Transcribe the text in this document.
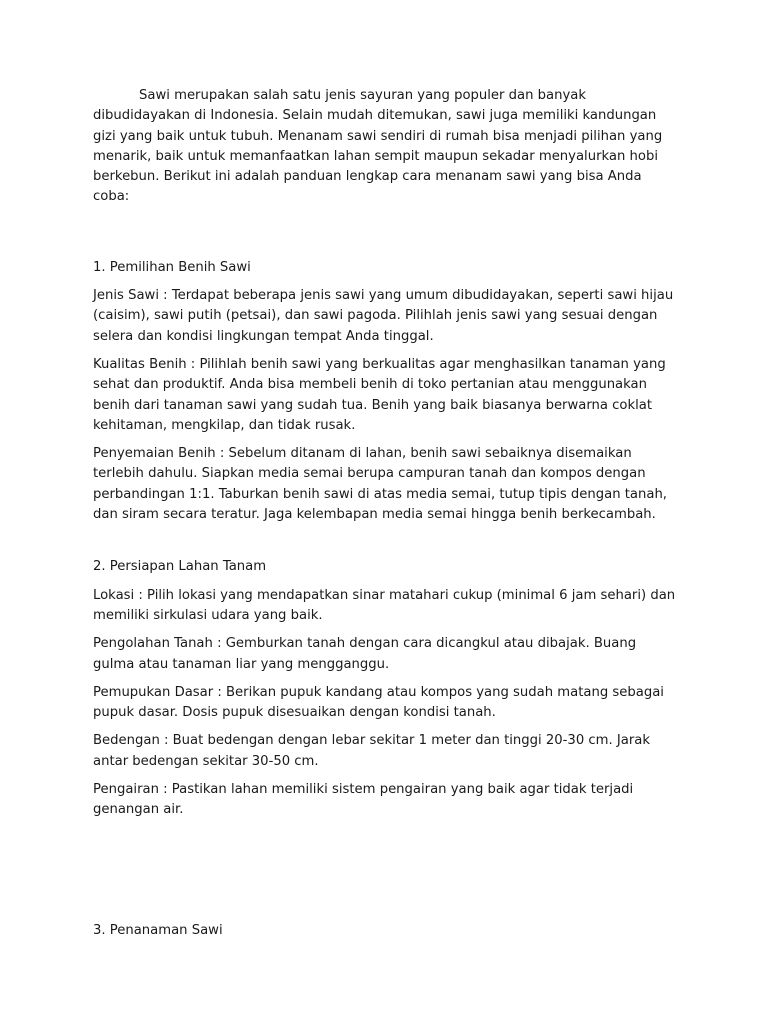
Sawi merupakan salah satu jenis sayuran yang populer dan banyak dibudidayakan di Indonesia. Selain mudah ditemukan, sawi juga memiliki kandungan gizi yang baik untuk tubuh. Menanam sawi sendiri di rumah bisa menjadi pilihan yang menarik, baik untuk memanfaatkan lahan sempit maupun sekadar menyalurkan hobi berkebun. Berikut ini adalah panduan lengkap cara menanam sawi yang bisa Anda coba:

1. Pemilihan Benih Sawi

Jenis Sawi : Terdapat beberapa jenis sawi yang umum dibudidayakan, seperti sawi hijau (caisim), sawi putih (petsai), dan sawi pagoda. Pilihlah jenis sawi yang sesuai dengan selera dan kondisi lingkungan tempat Anda tinggal.

Kualitas Benih : Pilihlah benih sawi yang berkualitas agar menghasilkan tanaman yang sehat dan produktif. Anda bisa membeli benih di toko pertanian atau menggunakan benih dari tanaman sawi yang sudah tua. Benih yang baik biasanya berwarna coklat kehitaman, mengkilap, dan tidak rusak.

Penyemaian Benih : Sebelum ditanam di lahan, benih sawi sebaiknya disemaikan terlebih dahulu. Siapkan media semai berupa campuran tanah dan kompos dengan perbandingan 1:1. Taburkan benih sawi di atas media semai, tutup tipis dengan tanah, dan siram secara teratur. Jaga kelembapan media semai hingga benih berkecambah.

2. Persiapan Lahan Tanam

Lokasi : Pilih lokasi yang mendapatkan sinar matahari cukup (minimal 6 jam sehari) dan memiliki sirkulasi udara yang baik.

Pengolahan Tanah : Gemburkan tanah dengan cara dicangkul atau dibajak. Buang gulma atau tanaman liar yang mengganggu.

Pemupukan Dasar : Berikan pupuk kandang atau kompos yang sudah matang sebagai pupuk dasar. Dosis pupuk disesuaikan dengan kondisi tanah.

Bedengan : Buat bedengan dengan lebar sekitar 1 meter dan tinggi 20-30 cm. Jarak antar bedengan sekitar 30-50 cm.

Pengairan : Pastikan lahan memiliki sistem pengairan yang baik agar tidak terjadi genangan air.

3. Penanaman Sawi
